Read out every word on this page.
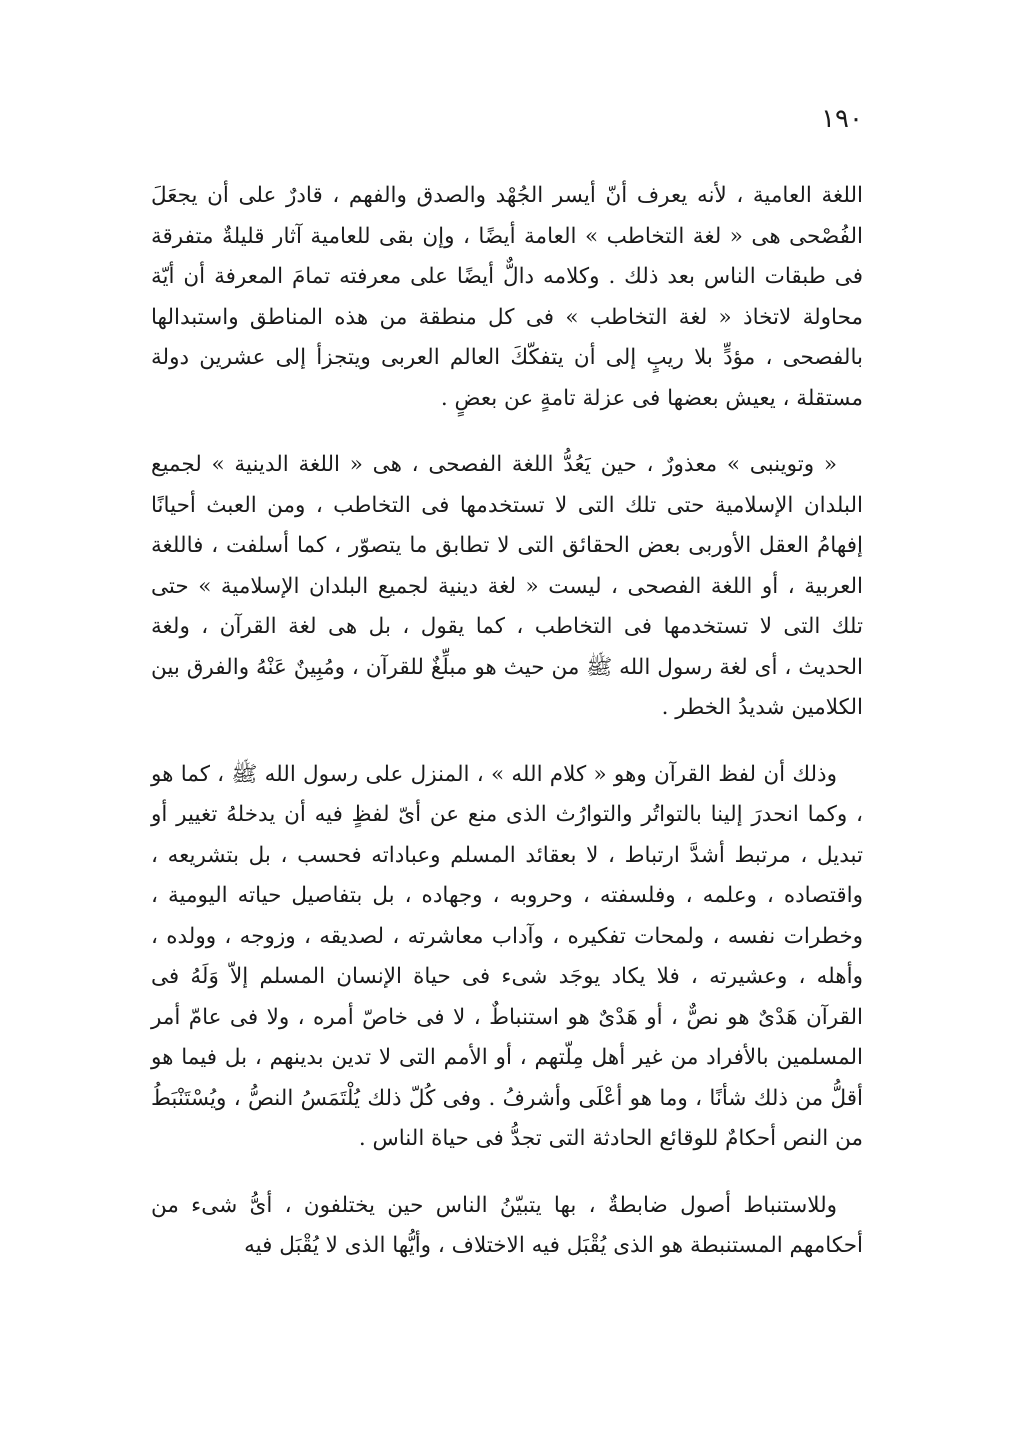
١٩٠

اللغة العامية ، لأنه يعرف أنّ أيسر الجُهْد والصدق والفهم ، قادرٌ على أن يجعَلَ الفُصْحى هى « لغة التخاطب » العامة أيضًا ، وإن بقى للعامية آثار قليلةٌ متفرقة فى طبقات الناس بعد ذلك . وكلامه دالٌّ أيضًا على معرفته تمامَ المعرفة أن أيّة محاولة لاتخاذ « لغة التخاطب » فى كل منطقة من هذه المناطق واستبدالها بالفصحى ، مؤدٍّ بلا ريبٍ إلى أن يتفكّكَ العالم العربى ويتجزأ إلى عشرين دولة مستقلة ، يعيش بعضها فى عزلة تامةٍ عن بعضٍ .

« وتوينبى » معذورٌ ، حين يَعُدُّ اللغة الفصحى ، هى « اللغة الدينية » لجميع البلدان الإسلامية حتى تلك التى لا تستخدمها فى التخاطب ، ومن العبث أحيانًا إفهامُ العقل الأوربى بعض الحقائق التى لا تطابق ما يتصوّر ، كما أسلفت ، فاللغة العربية ، أو اللغة الفصحى ، ليست « لغة دينية لجميع البلدان الإسلامية » حتى تلك التى لا تستخدمها فى التخاطب ، كما يقول ، بل هى لغة القرآن ، ولغة الحديث ، أى لغة رسول الله ﷺ من حيث هو مبلِّغٌ للقرآن ، ومُبِينٌ عَنْهُ والفرق بين الكلامين شديدُ الخطر .

وذلك أن لفظ القرآن وهو « كلام الله » ، المنزل على رسول الله ﷺ ، كما هو ، وكما انحدرَ إلينا بالتواتُر والتوارُث الذى منع عن أىّ لفظٍ فيه أن يدخلهُ تغيير أو تبديل ، مرتبط أشدَّ ارتباط ، لا بعقائد المسلم وعباداته فحسب ، بل بتشريعه ، واقتصاده ، وعلمه ، وفلسفته ، وحروبه ، وجهاده ، بل بتفاصيل حياته اليومية ، وخطرات نفسه ، ولمحات تفكيره ، وآداب معاشرته ، لصديقه ، وزوجه ، وولده ، وأهله ، وعشيرته ، فلا يكاد يوجَد شىء فى حياة الإنسان المسلم إلاّ وَلَهُ فى القرآن هَدْىٌ هو نصٌّ ، أو هَدْىٌ هو استنباطٌ ، لا فى خاصّ أمره ، ولا فى عامّ أمر المسلمين بالأفراد من غير أهل مِلّتهم ، أو الأمم التى لا تدين بدينهم ، بل فيما هو أقلُّ من ذلك شأنًا ، وما هو أعْلَى وأشرفُ . وفى كُلّ ذلك يُلْتَمَسُ النصُّ ، ويُسْتَنْبَطُ من النص أحكامٌ للوقائع الحادثة التى تجدُّ فى حياة الناس .

وللاستنباط أصول ضابطةٌ ، بها يتبيّنُ الناس حين يختلفون ، أىُّ شىء من أحكامهم المستنبطة هو الذى يُقْبَل فيه الاختلاف ، وأيُّها الذى لا يُقْبَل فيه
